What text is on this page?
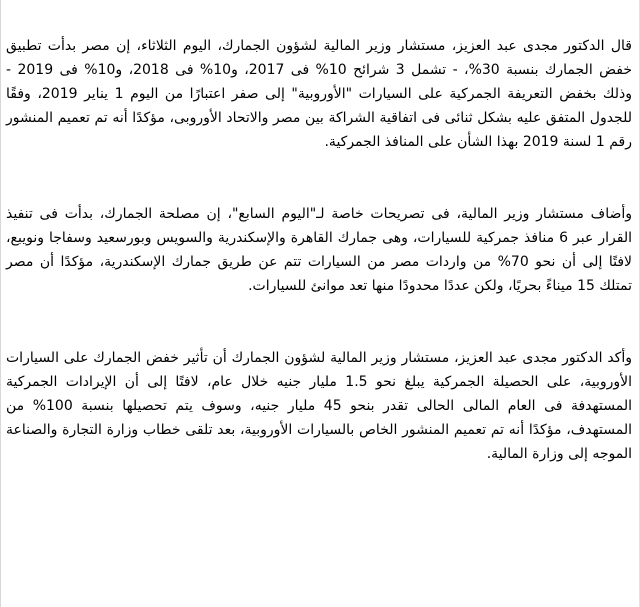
قال الدكتور مجدى عبد العزيز، مستشار وزير المالية لشؤون الجمارك، اليوم الثلاثاء، إن مصر بدأت تطبيق خفض الجمارك بنسبة 30%، - تشمل 3 شرائح 10% فى 2017، و10% فى 2018، و10% فى 2019 - وذلك بخفض التعريفة الجمركية على السيارات "الأوروبية" إلى صفر اعتبارًا من اليوم 1 يناير 2019، وفقًا للجدول المتفق عليه بشكل ثنائى فى اتفاقية الشراكة بين مصر والاتحاد الأوروبى، مؤكدًا أنه تم تعميم المنشور رقم 1 لسنة 2019 بهذا الشأن على المنافذ الجمركية.

وأضاف مستشار وزير المالية، فى تصريحات خاصة لـ"اليوم السابع"، إن مصلحة الجمارك، بدأت فى تنفيذ القرار عبر 6 منافذ جمركية للسيارات، وهى جمارك القاهرة والإسكندرية والسويس وبورسعيد وسفاجا ونويبع، لافتًا إلى أن نحو 70% من واردات مصر من السيارات تتم عن طريق جمارك الإسكندرية، مؤكدًا أن مصر تمتلك 15 ميناءً بحريًا، ولكن عددًا محدودًا منها تعد موانئ للسيارات.

وأكد الدكتور مجدى عبد العزيز، مستشار وزير المالية لشؤون الجمارك أن تأثير خفض الجمارك على السيارات الأوروبية، على الحصيلة الجمركية يبلغ نحو 1.5 مليار جنيه خلال عام، لافتًا إلى أن الإيرادات الجمركية المستهدفة فى العام المالى الحالى تقدر بنحو 45 مليار جنيه، وسوف يتم تحصيلها بنسبة 100% من المستهدف، مؤكدًا أنه تم تعميم المنشور الخاص بالسيارات الأوروبية، بعد تلقى خطاب وزارة التجارة والصناعة الموجه إلى وزارة المالية.
